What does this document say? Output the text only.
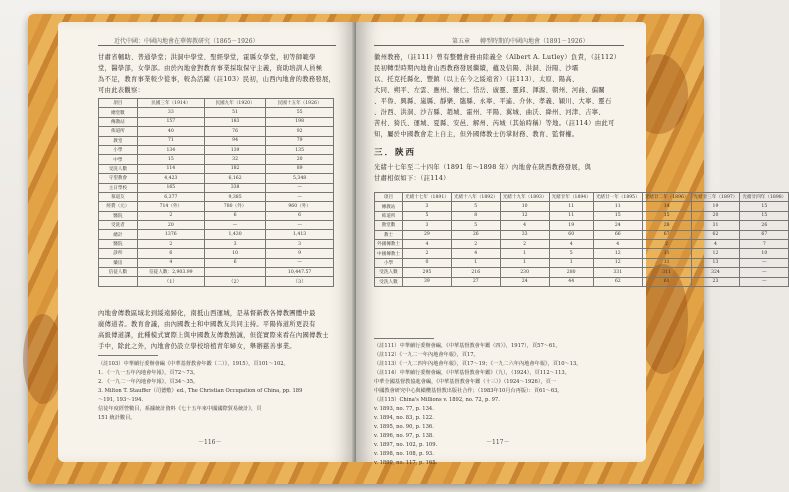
近代中國：中國內地會在華傳教研究（1865－1926）

甘肅省輔助、普通學堂；洪洞中學堂、聖經學堂，霍縣女學堂，初等師範學

堂，醫學部，女學部。由於內地會對教育事業採取保守主義，資助培訓人員極

為不足，教育事業較少從事，較為活躍（註103）民初，山西內地會的教務發展，

可由此表觀察：

項目	民國三年（1914）	民國九年（1920）	民國十五年（1926）
總堂數	33	51	55
傳教站	157	183	198
佈道所	40	76	92
教堂	71	94	79
小學	134	139	135
中學	15	32	20
受洗人數	114	182	89
守望教會	4,423	6,162	5,348
主日學校	165	338	—
慕道友	6,377	9,385	—
經費（元）	714（外）	780（外）	960（外）
醫院	2	6	6
受洗者	20	—	—
總計	1376	1,430	1,413
醫院	2	3	3
診所	6	10	9
藥房	4	6	—
信徒人數	信徒人數：2,903.99		10,447.57
	（1）	（2）	（3）

內地會傳教區域北到綏遠歸化，南抵山西運城，是基督新教各傳教團體中最

廣傳道者。教育會議，由內國教士和中國教友共同主持。平陽佈道所更設有

高級傳道課，此種模式實際上與中國教友傳教熱誠，但從實際來看在內國傳教士

手中，除此之外，內地會仍設立學校培植青年婦女，舉辦慈善事業。

（註103）中華續行委辦會編《中華基督教會年鑑（二）》，1915），頁101～102。
1. 《一九一五年內地會年報》，頁72～73。
2. 《一九二一年內地會年報》，頁34～35。
3. Milton T. Stauffer（司德敷）ed., The Christian Occupation of China, pp. 189
～191, 193～194.
信徒年度經營數目，系據統計資料《七十五年來中國國際貿易統計》，頁
151 統計數目。
－116－
第五章 轉型時期的中國內地會（1891－1926）

徽州教務，（註111）曾有整體會務由陸義全（Albert A. Lutley）負責，（註112）

民初轉型時期內地會山西教務發展繼續，蘊及信陽、洪洞、汾陽、沙壩

以、托克托縣化、豐鎮（以上在今之綏遠省）（註113）、太原、陽高、

大同、朔平、左雲、應州、懷仁、岱岳、廣靈、靈邱、渾源、朝州、河曲、偏關

、平魯、興縣、嵐縣、靜樂、臨縣、永寧、平遙、介休、孝義、穎川、大寧、靈石

、汾西、洪洞、沙吉縣、趙城、霍州、平陽、翼城、曲沃、絳州、河津、吉寧、

苦村、猗氏、運城、夏縣、安邑、解州、芮城（其始時稱）等地。（註114）由此可

知，屬於中國教會走上自主，但外國傳教士仍掌財務、教育、監督權。

三．陝西

光緒十七年至二十四年（1891 年～1898 年）內地會在陝西教務發展，與

甘肅相似如下：（註114）

項目	光緒十七年（1891）	光緒十八年（1892）	光緒十九年（1893）	光緒廿年（1894）	光緒廿一年（1895）	光緒廿二年（1896）	光緒廿三年（1897）	光緒廿四年（1898）
傳教站	3	5	10	11	11	14	19	15
佈道所	5	8	12	11	15	15	20	15
教堂數	3	5	4	19	24	28	31	26
教士	29	26	33	60	66	67	62	67
外國傳教士	4	2	2	4	4	2	4	7
中國傳教士	2	4	1	5	12	11	12	10
小學	0	1	1	1	12	11	13	—
受洗人數	295	216	230	280	331	311	324	—
受洗人數	39	27	24	44	62	61	23	—
（註111）中華續行委辦會編，《中華基督教會年鑑（四）》，1917），頁57～61。
（註112）《一九二一年內地會年報》，頁17。
（註113）《一九二四年內地會年報》，頁17～19；《一九二六年內地會年報》，頁10～13。
（註114）中華續行委辦會編，《中華基督教會年鑑》（九），（1924），頁112～113。
中華全國基督教協進會編，《中華基督教會年鑑（十三）》（1924～1926），頁一
中國教會研究中心與橄欖基督教出版社合作；（1983年10月台再版）：頁61～63。
（註115）China's Millions v. 1892, no. 72, p. 97.
v. 1893, no. 77, p. 134.
v. 1894, no. 83, p. 122.
v. 1895, no. 90, p. 136.
v. 1896, no. 97, p. 138.
v. 1897, no. 102, p. 109.
v. 1898, no. 108, p. 93.
v. 1899, no. 117, p. 165.
－117－
